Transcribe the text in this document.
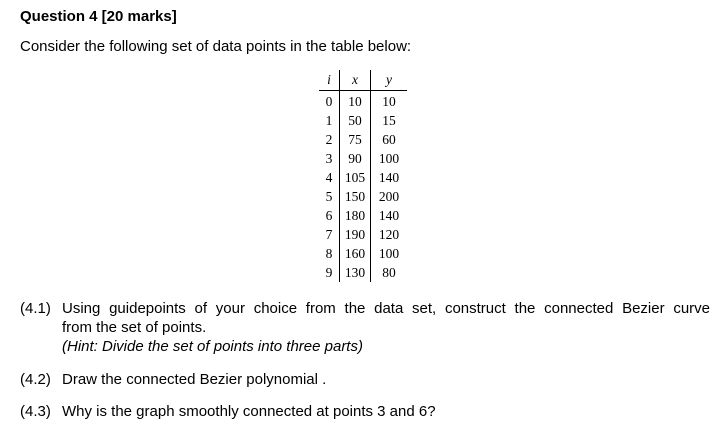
Question 4 [20 marks]
Consider the following set of data points in the table below:
i	x	y
0	10	10
1	50	15
2	75	60
3	90	100
4	105	140
5	150	200
6	180	140
7	190	120
8	160	100
9	130	80
(4.1) Using guidepoints of your choice from the data set, construct the connected Bezier curve
from the set of points.
(Hint: Divide the set of points into three parts)
(4.2) Draw the connected Bezier polynomial .
(4.3) Why is the graph smoothly connected at points 3 and 6?
